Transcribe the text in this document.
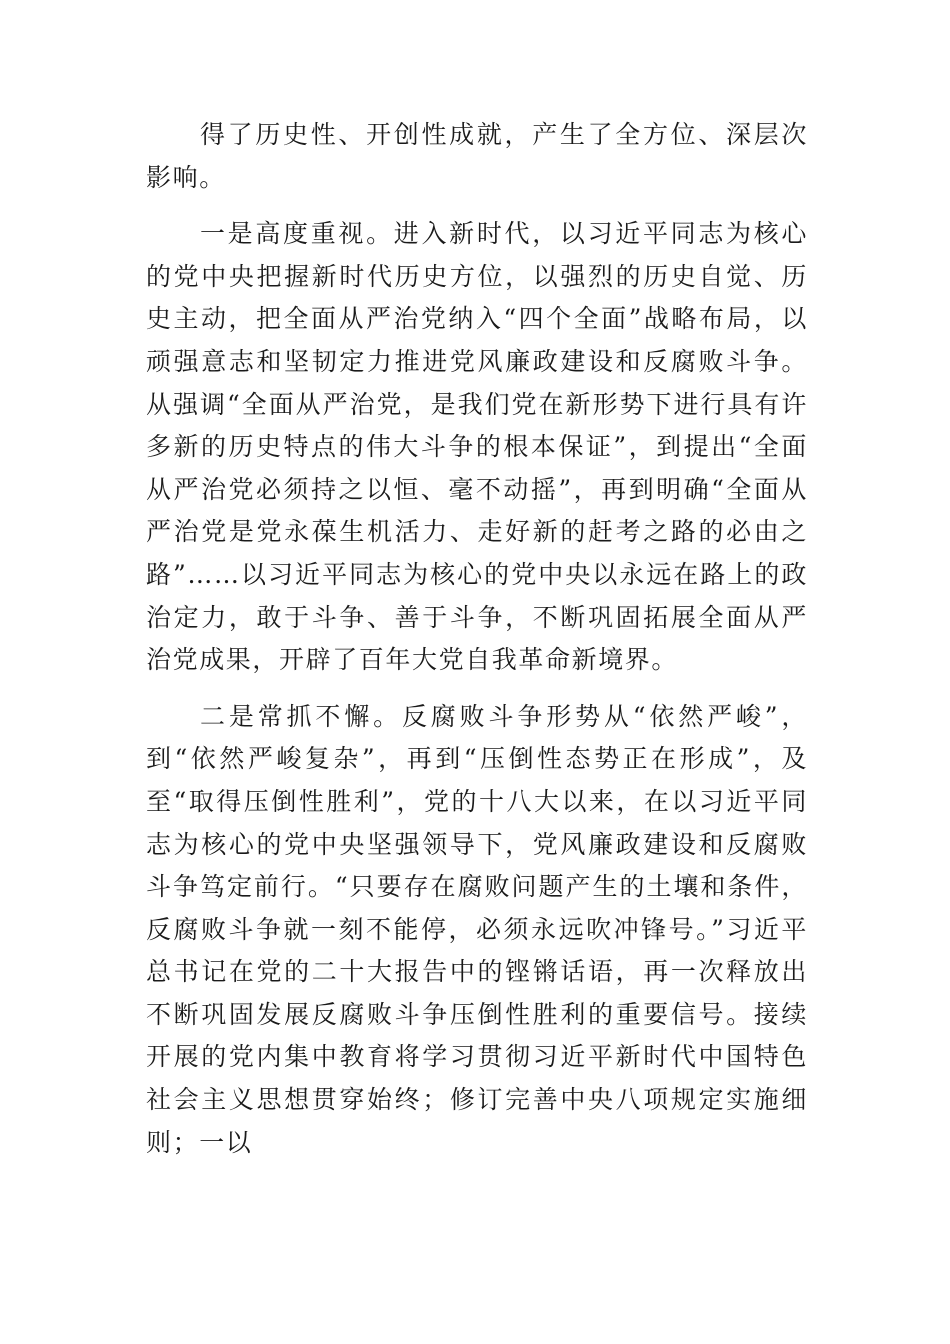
得了历史性、开创性成就，产生了全方位、深层次影响。

一是高度重视。进入新时代，以习近平同志为核心的党中央把握新时代历史方位，以强烈的历史自觉、历史主动，把全面从严治党纳入“四个全面”战略布局，以顽强意志和坚韧定力推进党风廉政建设和反腐败斗争。从强调“全面从严治党，是我们党在新形势下进行具有许多新的历史特点的伟大斗争的根本保证”，到提出“全面从严治党必须持之以恒、毫不动摇”，再到明确“全面从严治党是党永葆生机活力、走好新的赶考之路的必由之路”……以习近平同志为核心的党中央以永远在路上的政治定力，敢于斗争、善于斗争，不断巩固拓展全面从严治党成果，开辟了百年大党自我革命新境界。

二是常抓不懈。反腐败斗争形势从“依然严峻”，到“依然严峻复杂”，再到“压倒性态势正在形成”，及至“取得压倒性胜利”，党的十八大以来，在以习近平同志为核心的党中央坚强领导下，党风廉政建设和反腐败斗争笃定前行。“只要存在腐败问题产生的土壤和条件，反腐败斗争就一刻不能停，必须永远吹冲锋号。”习近平总书记在党的二十大报告中的铿锵话语，再一次释放出不断巩固发展反腐败斗争压倒性胜利的重要信号。接续开展的党内集中教育将学习贯彻习近平新时代中国特色社会主义思想贯穿始终；修订完善中央八项规定实施细则；一以
